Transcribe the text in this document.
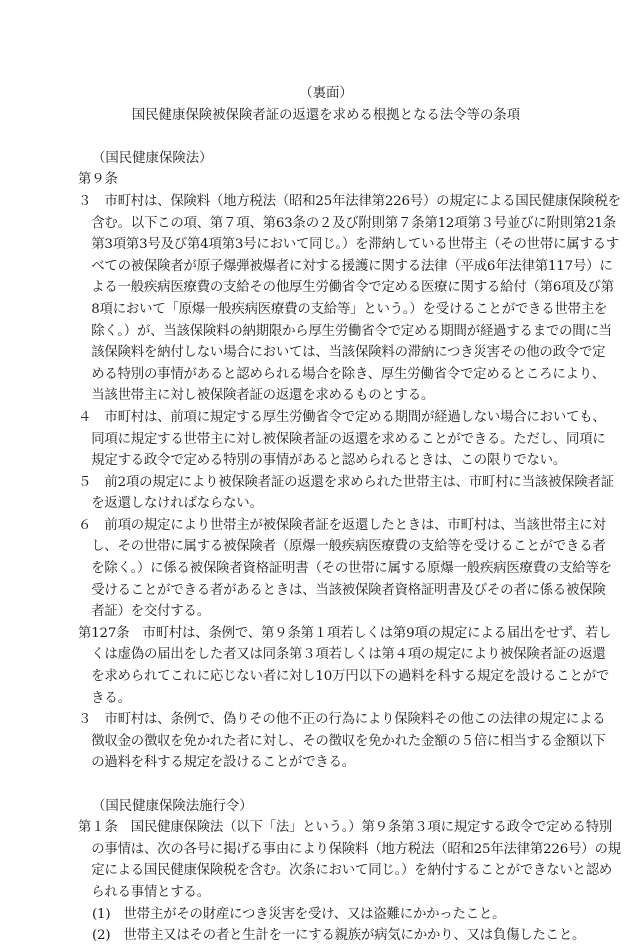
（裏面）

国民健康保険被保険者証の返還を求める根拠となる法令等の条項

（国民健康保険法）

第９条
３　市町村は、保険料（地方税法（昭和25年法律第226号）の規定による国民健康保険税を
　含む。以下この項、第７項、第63条の２及び附則第７条第12項第３号並びに附則第21条
　第3項第3号及び第4項第3号において同じ。）を滞納している世帯主（その世帯に属するす
　べての被保険者が原子爆弾被爆者に対する援護に関する法律（平成6年法律第117号）に
　よる一般疾病医療費の支給その他厚生労働省令で定める医療に関する給付（第6項及び第
　8項において「原爆一般疾病医療費の支給等」という。）を受けることができる世帯主を
　除く。）が、当該保険料の納期限から厚生労働省令で定める期間が経過するまでの間に当
　該保険料を納付しない場合においては、当該保険料の滞納につき災害その他の政令で定
　める特別の事情があると認められる場合を除き、厚生労働省令で定めるところにより、
　当該世帯主に対し被保険者証の返還を求めるものとする。
４　市町村は、前項に規定する厚生労働省令で定める期間が経過しない場合においても、
　同項に規定する世帯主に対し被保険者証の返還を求めることができる。ただし、同項に
　規定する政令で定める特別の事情があると認められるときは、この限りでない。
５　前2項の規定により被保険者証の返還を求められた世帯主は、市町村に当該被保険者証
　を返還しなければならない。
６　前項の規定により世帯主が被保険者証を返還したときは、市町村は、当該世帯主に対
　し、その世帯に属する被保険者（原爆一般疾病医療費の支給等を受けることができる者
　を除く。）に係る被保険者資格証明書（その世帯に属する原爆一般疾病医療費の支給等を
　受けることができる者があるときは、当該被保険者資格証明書及びその者に係る被保険
　者証）を交付する。
第127条　市町村は、条例で、第９条第１項若しくは第9項の規定による届出をせず、若し
　くは虚偽の届出をした者又は同条第３項若しくは第４項の規定により被保険者証の返還
　を求められてこれに応じない者に対し10万円以下の過料を科する規定を設けることがで
　きる。
３　市町村は、条例で、偽りその他不正の行為により保険料その他この法律の規定による
　徴収金の徴収を免かれた者に対し、その徴収を免かれた金額の５倍に相当する金額以下
　の過料を科する規定を設けることができる。

（国民健康保険法施行令）

第１条　国民健康保険法（以下「法」という。）第９条第３項に規定する政令で定める特別
　の事情は、次の各号に掲げる事由により保険料（地方税法（昭和25年法律第226号）の規
　定による国民健康保険税を含む。次条において同じ。）を納付することができないと認め
　られる事情とする。
(1)　世帯主がその財産につき災害を受け、又は盗難にかかったこと。
(2)　世帯主又はその者と生計を一にする親族が病気にかかり、又は負傷したこと。
